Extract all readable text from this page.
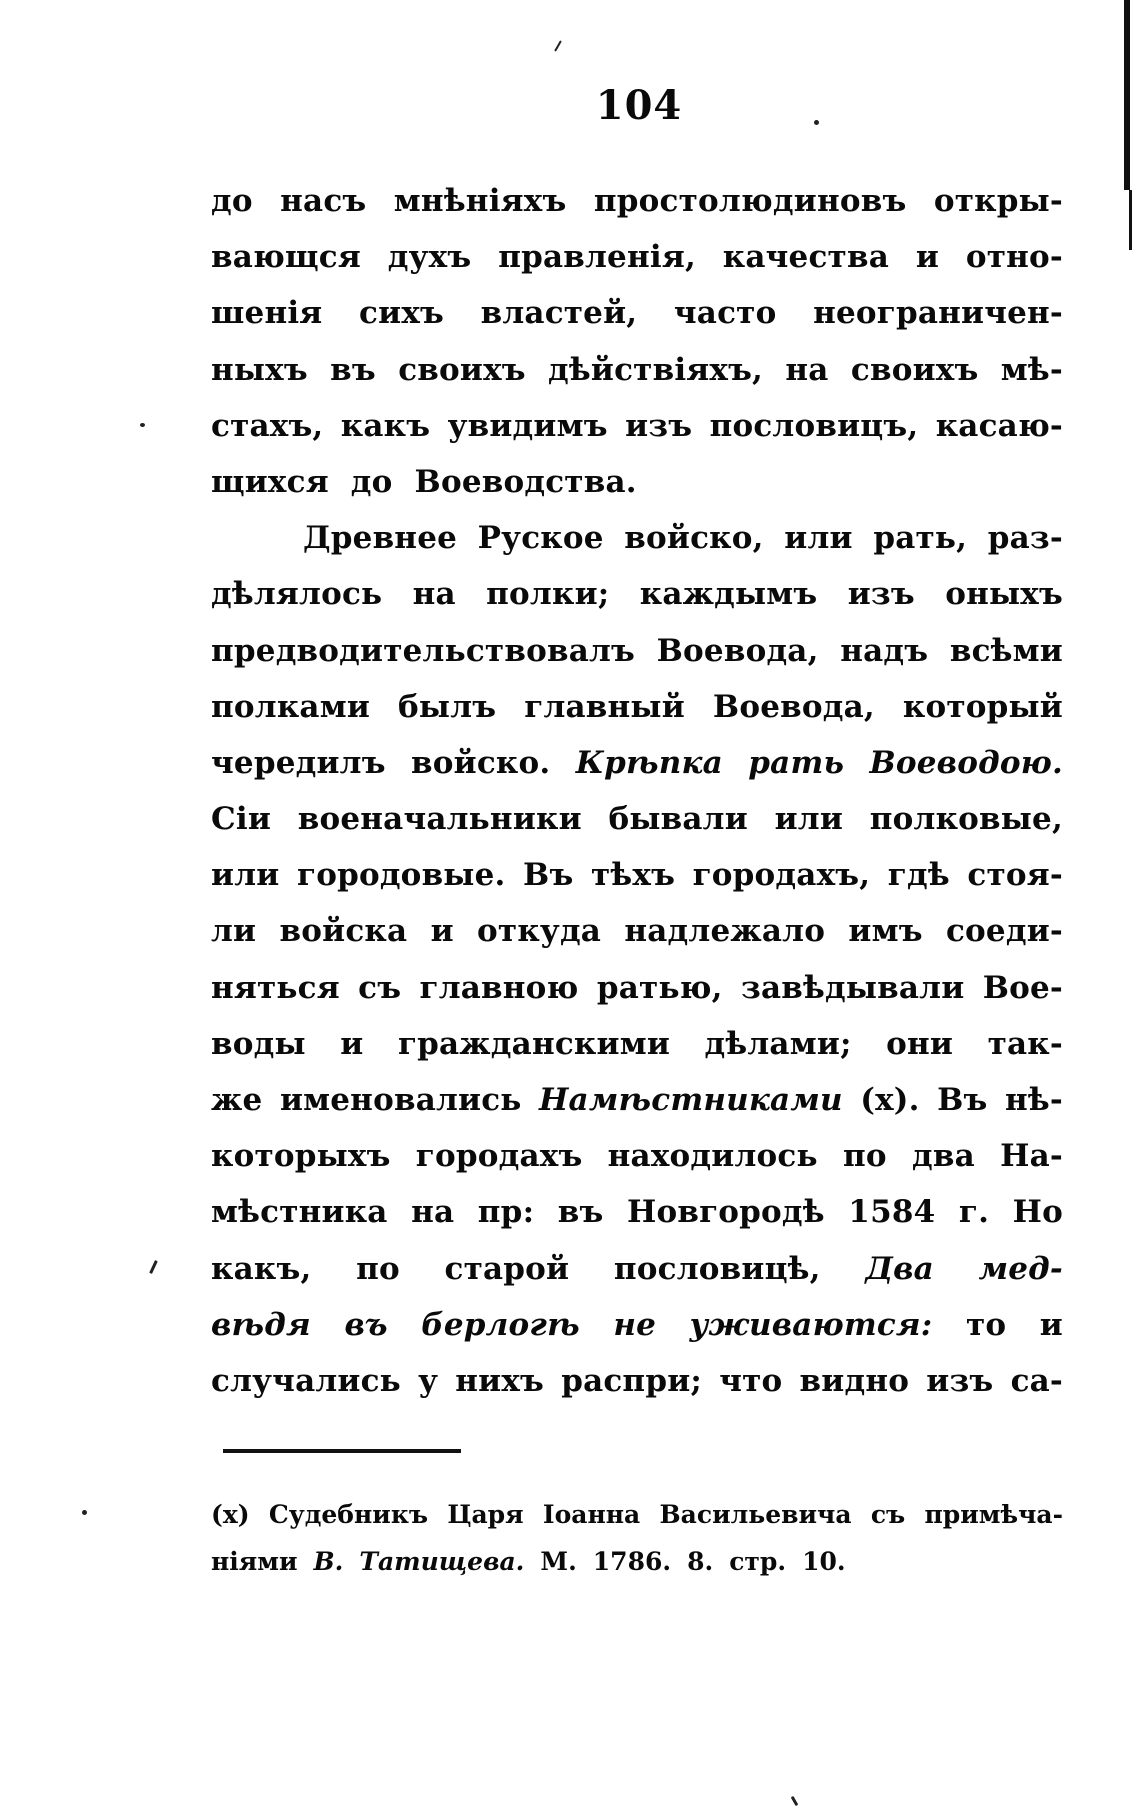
104
до насъ мнѣніяхъ простолюдиновъ откры-
вающся духъ правленія, качества и отно-
шенія сихъ властей, часто неограничен-
ныхъ въ своихъ дѣйствіяхъ, на своихъ мѣ-
стахъ, какъ увидимъ изъ пословицъ, касаю-
щихся до Воеводства.
Древнее Руское войско, или рать, раз-
дѣлялось на полки; каждымъ изъ оныхъ
предводительствовалъ Воевода, надъ всѣми
полками былъ главный Воевода, который
чередилъ войско. Крѣпка рать Воеводою.
Сіи военачальники бывали или полковые,
или городовые. Въ тѣхъ городахъ, гдѣ стоя-
ли войска и откуда надлежало имъ соеди-
няться съ главною ратью, завѣдывали Вое-
воды и гражданскими дѣлами; они так-
же именовались Намѣстниками (х). Въ нѣ-
которыхъ городахъ находилось по два На-
мѣстника на пр: въ Новгородѣ 1584 г. Но
какъ, по старой пословицѣ, Два мед-
вѣдя въ берлогѣ не уживаются: то и
случались у нихъ распри; что видно изъ са-
(х) Судебникъ Царя Іоанна Васильевича съ примѣча-
ніями В. Татищева. М. 1786. 8. стр. 10.
